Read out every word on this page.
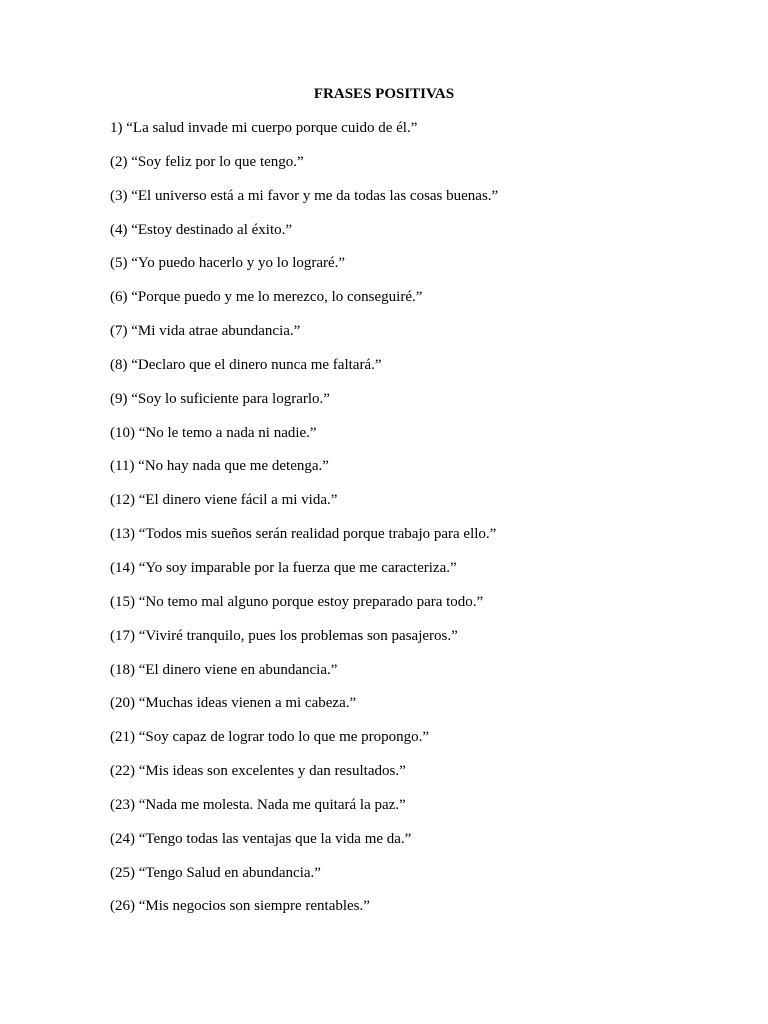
FRASES POSITIVAS
1) “La salud invade mi cuerpo porque cuido de él.”
(2) “Soy feliz por lo que tengo.”
(3) “El universo está a mi favor y me da todas las cosas buenas.”
(4) “Estoy destinado al éxito.”
(5) “Yo puedo hacerlo y yo lo lograré.”
(6) “Porque puedo y me lo merezco, lo conseguiré.”
(7) “Mi vida atrae abundancia.”
(8) “Declaro que el dinero nunca me faltará.”
(9) “Soy lo suficiente para lograrlo.”
(10) “No le temo a nada ni nadie.”
(11) “No hay nada que me detenga.”
(12) “El dinero viene fácil a mi vida.”
(13) “Todos mis sueños serán realidad porque trabajo para ello.”
(14) “Yo soy imparable por la fuerza que me caracteriza.”
(15) “No temo mal alguno porque estoy preparado para todo.”
(17) “Viviré tranquilo, pues los problemas son pasajeros.”
(18) “El dinero viene en abundancia.”
(20) “Muchas ideas vienen a mi cabeza.”
(21) “Soy capaz de lograr todo lo que me propongo.”
(22) “Mis ideas son excelentes y dan resultados.”
(23) “Nada me molesta. Nada me quitará la paz.”
(24) “Tengo todas las ventajas que la vida me da.”
(25) “Tengo Salud en abundancia.”
(26) “Mis negocios son siempre rentables.”
